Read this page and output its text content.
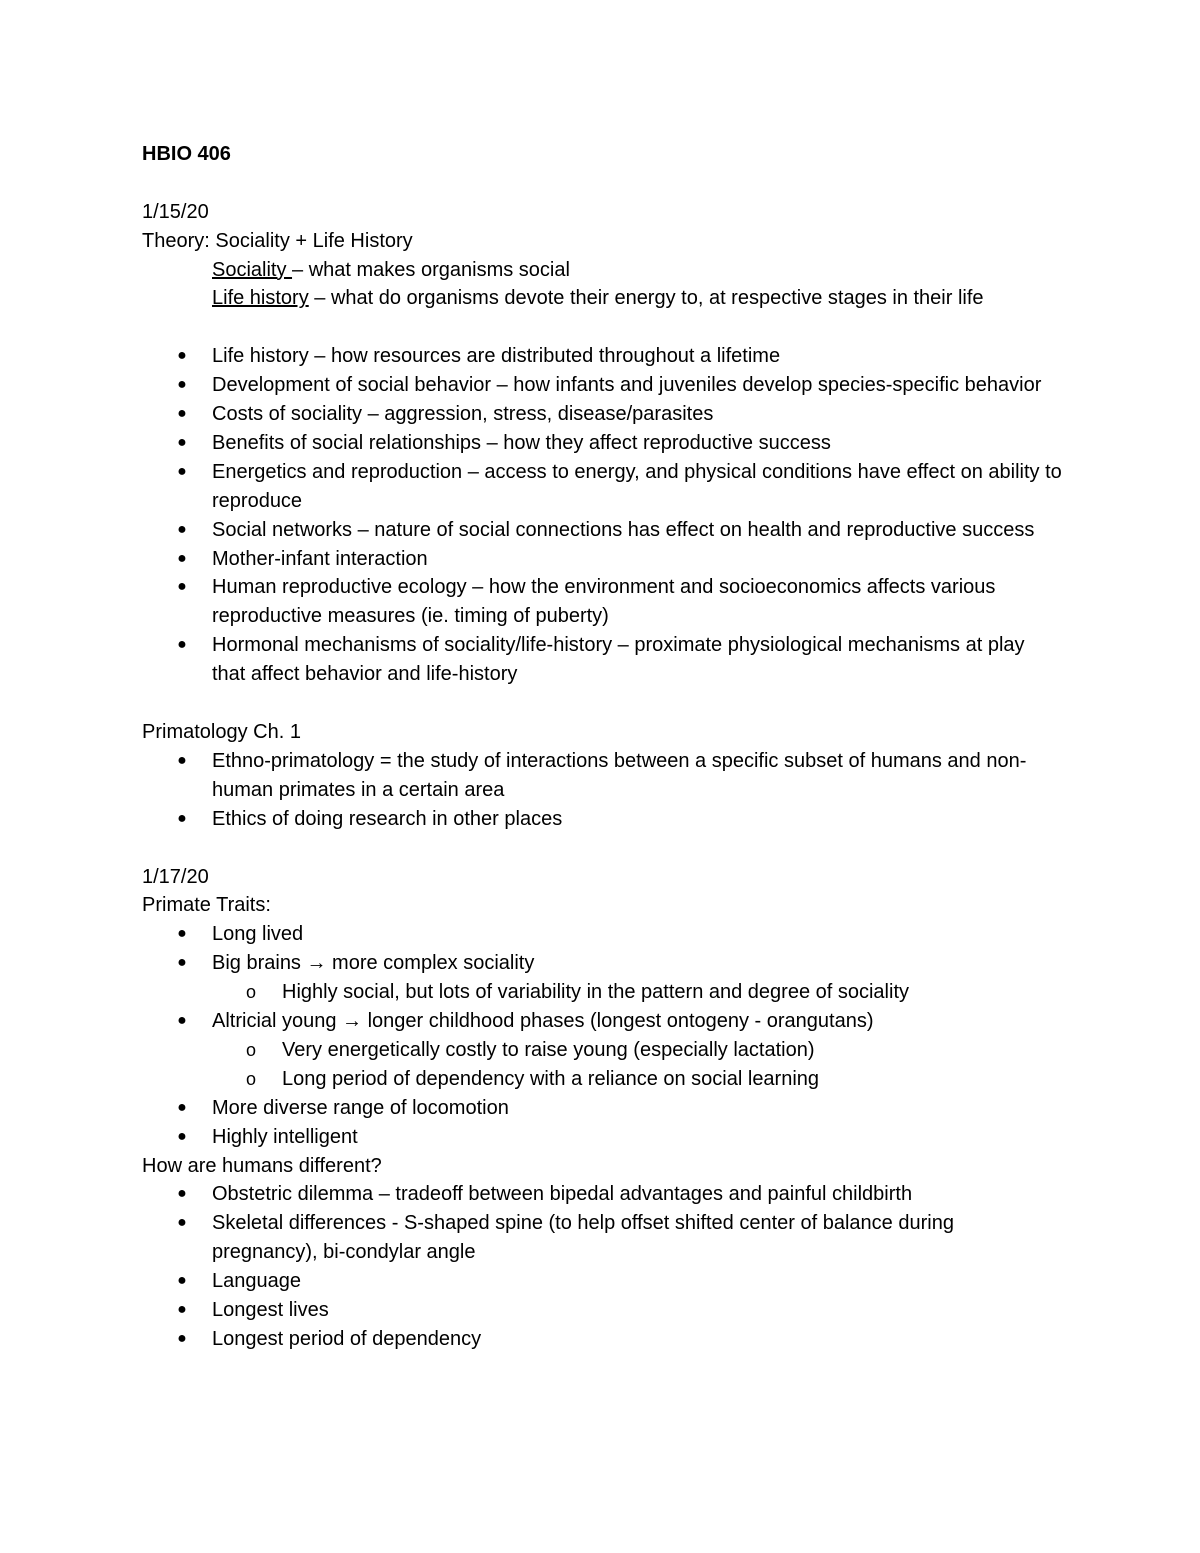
HBIO 406
1/15/20
Theory: Sociality + Life History
Sociality – what makes organisms social
Life history – what do organisms devote their energy to, at respective stages in their life
● Life history – how resources are distributed throughout a lifetime
● Development of social behavior – how infants and juveniles develop species-specific behavior
● Costs of sociality – aggression, stress, disease/parasites
● Benefits of social relationships – how they affect reproductive success
● Energetics and reproduction – access to energy, and physical conditions have effect on ability to reproduce
● Social networks – nature of social connections has effect on health and reproductive success
● Mother-infant interaction
● Human reproductive ecology – how the environment and socioeconomics affects various reproductive measures (ie. timing of puberty)
● Hormonal mechanisms of sociality/life-history – proximate physiological mechanisms at play that affect behavior and life-history
Primatology Ch. 1
● Ethno-primatology = the study of interactions between a specific subset of humans and non-human primates in a certain area
● Ethics of doing research in other places
1/17/20
Primate Traits:
● Long lived
● Big brains → more complex sociality
o Highly social, but lots of variability in the pattern and degree of sociality
● Altricial young → longer childhood phases (longest ontogeny - orangutans)
o Very energetically costly to raise young (especially lactation)
o Long period of dependency with a reliance on social learning
● More diverse range of locomotion
● Highly intelligent
How are humans different?
● Obstetric dilemma – tradeoff between bipedal advantages and painful childbirth
● Skeletal differences - S-shaped spine (to help offset shifted center of balance during pregnancy), bi-condylar angle
● Language
● Longest lives
● Longest period of dependency
